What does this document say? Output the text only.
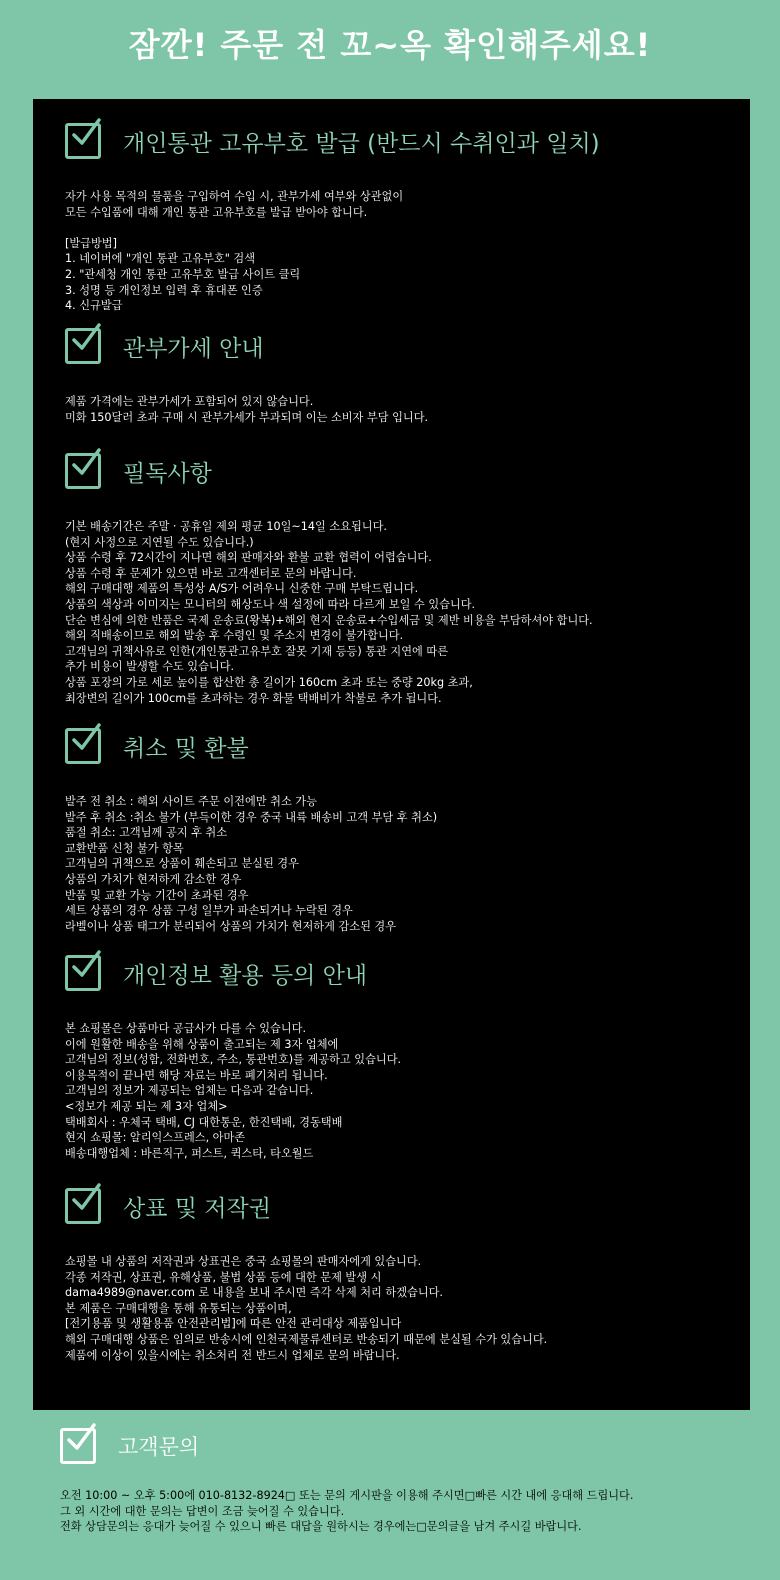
잠깐! 주문 전 꼬~옥 확인해주세요!
개인통관 고유부호 발급 (반드시 수취인과 일치)
자가 사용 목적의 물품을 구입하여 수입 시, 관부가세 여부와 상관없이
모든 수입품에 대해 개인 통관 고유부호를 발급 받아야 합니다.

[발급방법]
1. 네이버에 "개인 통관 고유부호" 검색
2. "관세청 개인 통관 고유부호 발급 사이트 클릭
3. 성명 등 개인정보 입력 후 휴대폰 인증
4. 신규발급
관부가세 안내
제품 가격에는 관부가세가 포함되어 있지 않습니다.
미화 150달러 초과 구매 시 관부가세가 부과되며 이는 소비자 부담 입니다.
필독사항
기본 배송기간은 주말 · 공휴일 제외 평균 10일~14일 소요됩니다.
(현지 사정으로 지연될 수도 있습니다.)
상품 수령 후 72시간이 지나면 해외 판매자와 환불 교환 협력이 어렵습니다.
상품 수령 후 문제가 있으면 바로 고객센터로 문의 바랍니다.
해외 구매대행 제품의 특성상 A/S가 어려우니 신중한 구매 부탁드립니다.
상품의 색상과 이미지는 모니터의 해상도나 색 설정에 따라 다르게 보일 수 있습니다.
단순 변심에 의한 반품은 국제 운송료(왕복)+해외 현지 운송료+수입세금 및 제반 비용을 부담하셔야 합니다.
해외 직배송이므로 해외 발송 후 수령인 및 주소지 변경이 불가합니다.
고객님의 귀책사유로 인한(개인통관고유부호 잘못 기재 등등) 통관 지연에 따른
추가 비용이 발생할 수도 있습니다.
상품 포장의 가로 세로 높이를 합산한 총 길이가 160cm 초과 또는 중량 20kg 초과,
최장변의 길이가 100cm를 초과하는 경우 화물 택배비가 착불로 추가 됩니다.
취소 및 환불
발주 전 취소 : 해외 사이트 주문 이전에만 취소 가능
발주 후 취소 :취소 불가 (부득이한 경우 중국 내륙 배송비 고객 부담 후 취소)
품절 취소: 고객님께 공지 후 취소
교환반품 신청 불가 항목
고객님의 귀책으로 상품이 훼손되고 분실된 경우
상품의 가치가 현저하게 감소한 경우
반품 및 교환 가능 기간이 초과된 경우
세트 상품의 경우 상품 구성 일부가 파손되거나 누락된 경우
라벨이나 상품 태그가 분리되어 상품의 가치가 현저하게 감소된 경우
개인정보 활용 등의 안내
본 쇼핑몰은 상품마다 공급사가 다를 수 있습니다.
이에 원활한 배송을 위해 상품이 출고되는 제 3자 업체에
고객님의 정보(성함, 전화번호, 주소, 통관번호)를 제공하고 있습니다.
이용목적이 끝나면 해당 자료는 바로 폐기처리 됩니다.
고객님의 정보가 제공되는 업체는 다음과 같습니다.
<정보가 제공 되는 제 3자 업체>
택배회사 : 우체국 택배, CJ 대한통운, 한진택배, 경동택배
현지 쇼핑몰: 알리익스프레스, 아마존
배송대행업체 : 바른직구, 퍼스트, 퀵스타, 타오월드
상표 및 저작권
쇼핑몰 내 상품의 저작권과 상표권은 중국 쇼핑몰의 판매자에게 있습니다.
각종 저작권, 상표권, 유해상품, 불법 상품 등에 대한 문제 발생 시
dama4989@naver.com 로 내용을 보내 주시면 즉각 삭제 처리 하겠습니다.
본 제품은 구매대행을 통해 유통되는 상품이며,
[전기용품 및 생활용품 안전관리법]에 따른 안전 관리대상 제품입니다
해외 구매대행 상품은 임의로 반송시에 인천국제물류센터로 반송되기 때문에 분실될 수가 있습니다.
제품에 이상이 있을시에는 취소처리 전 반드시 업체로 문의 바랍니다.
고객문의
오전 10:00 ~ 오후 5:00에 010-8132-8924□ 또는 문의 게시판을 이용해 주시면□빠른 시간 내에 응대해 드립니다.
그 외 시간에 대한 문의는 답변이 조금 늦어질 수 있습니다.
전화 상담문의는 응대가 늦어질 수 있으니 빠른 대답을 원하시는 경우에는□문의글을 남겨 주시길 바랍니다.
